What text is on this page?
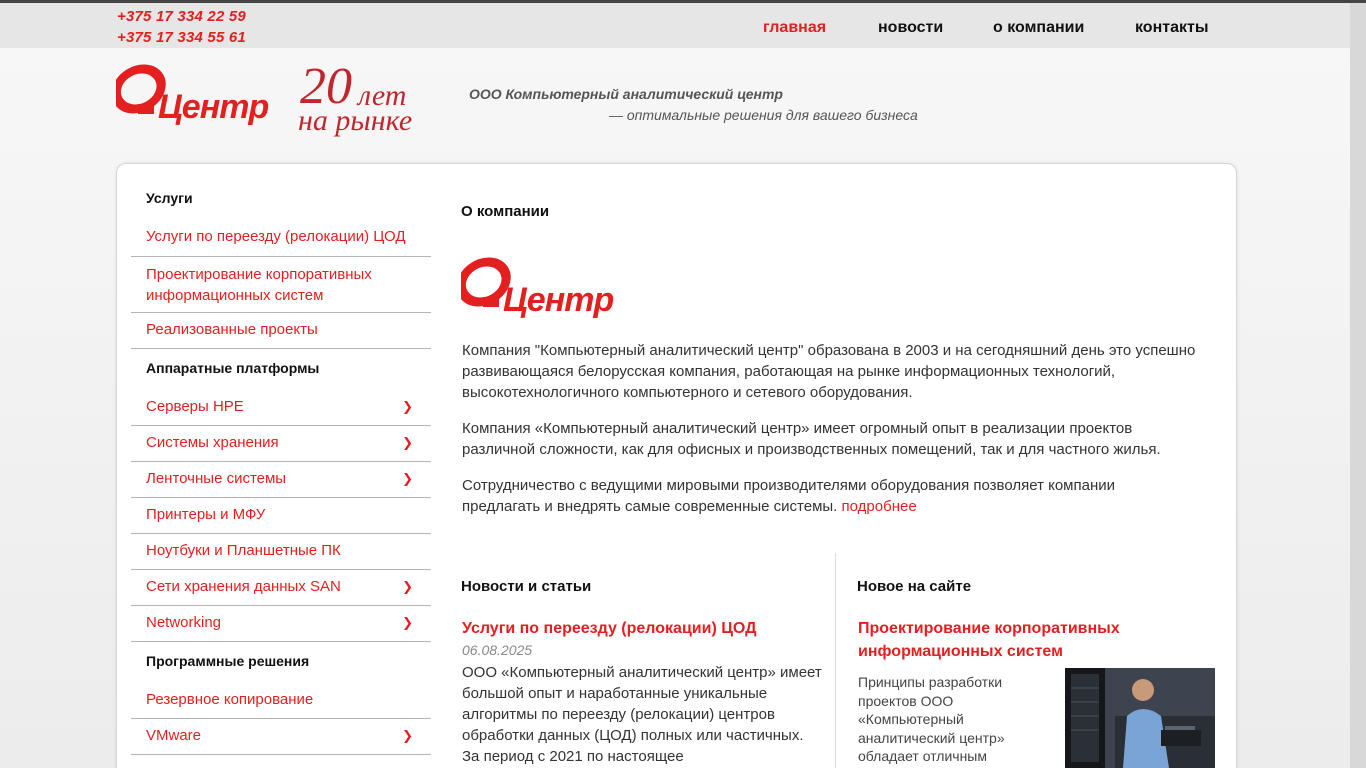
+375 17 334 22 59
+375 17 334 55 61
главная	новости	о компании	контакты
Центр 20 лет
на рынке
ООО Компьютерный аналитический центр
— оптимальные решения для вашего бизнеса
Услуги
Услуги по переезду (релокации) ЦОД
Проектирование корпоративных информационных систем
Реализованные проекты
Аппаратные платформы
Серверы HPE	❯
Системы хранения	❯
Ленточные системы	❯
Принтеры и МФУ
Ноутбуки и Планшетные ПК
Сети хранения данных SAN	❯
Networking	❯
Программные решения
Резервное копирование
VMware	❯
О компании
Центр

Компания "Компьютерный аналитический центр" образована в 2003 и на сегодняшний день это успешно развивающаяся белорусская компания, работающая на рынке информационных технологий, высокотехнологичного компьютерного и сетевого оборудования.

Компания «Компьютерный аналитический центр» имеет огромный опыт в реализации проектов различной сложности, как для офисных и производственных помещений, так и для частного жилья.

Сотрудничество с ведущими мировыми производителями оборудования позволяет компании предлагать и внедрять самые современные системы. подробнее

Новости и статьи
Услуги по переезду (релокации) ЦОД
06.08.2025
ООО «Компьютерный аналитический центр» имеет большой опыт и наработанные уникальные алгоритмы по переезду (релокации) центров обработки данных (ЦОД) полных или частичных. За период с 2021 по настоящее
Новое на сайте
Проектирование корпоративных информационных систем
Принципы разработки проектов ООО «Компьютерный аналитический центр» обладает отличным
